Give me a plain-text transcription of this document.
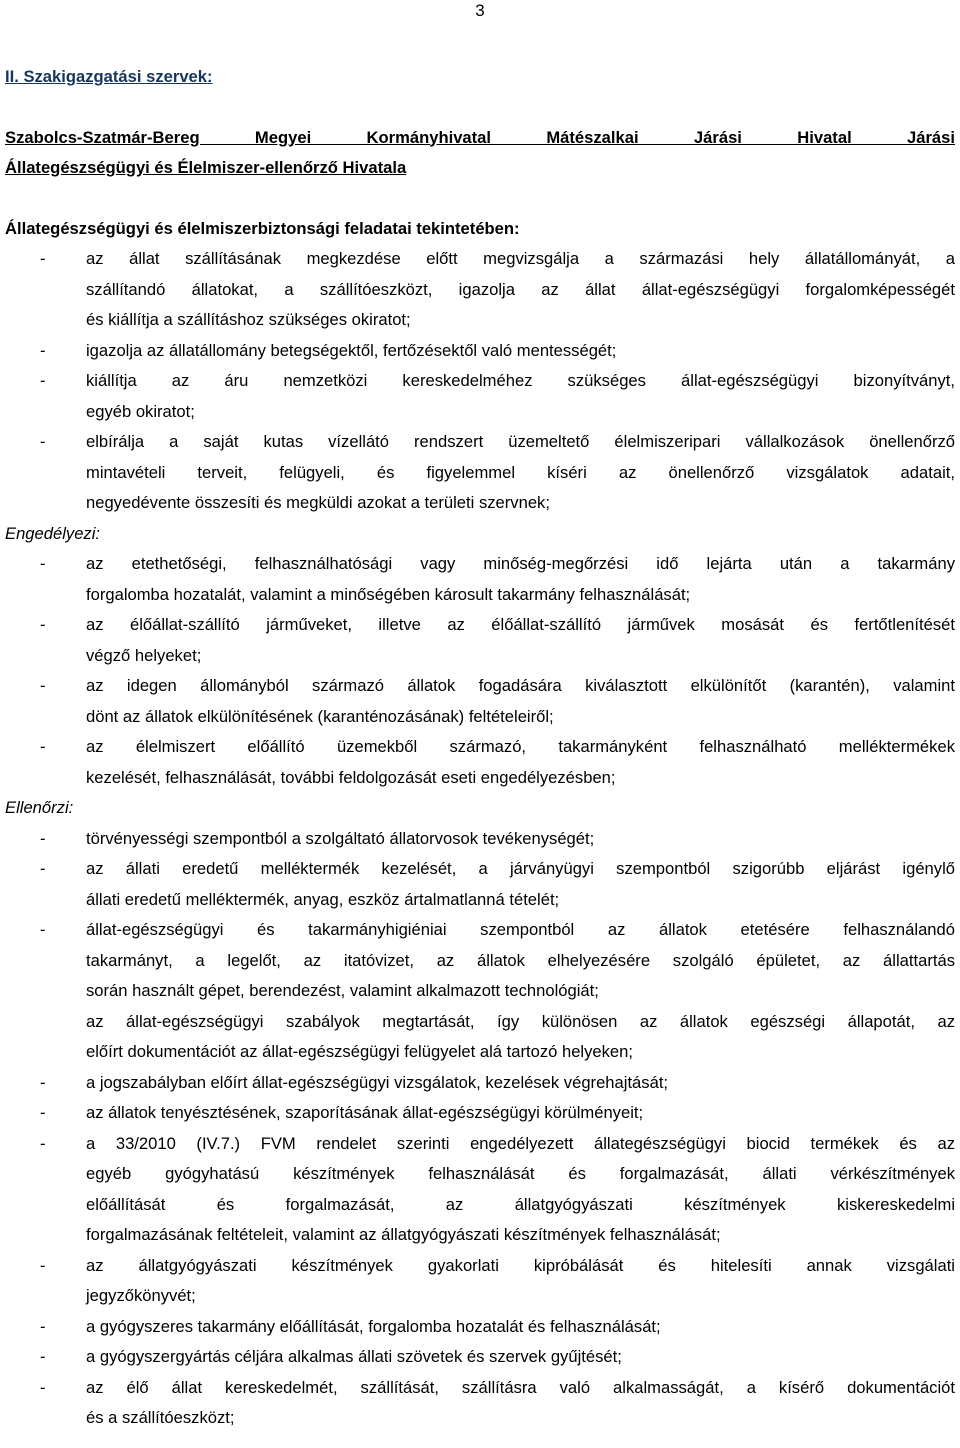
3
II. Szakigazgatási szervek:
Szabolcs-Szatmár-Bereg Megyei Kormányhivatal Mátészalkai Járási Hivatal Járási
Állategészségügyi és Élelmiszer-ellenőrző Hivatala
Állategészségügyi és élelmiszerbiztonsági feladatai tekintetében:
- az állat szállításának megkezdése előtt megvizsgálja a származási hely állatállományát, a
szállítandó állatokat, a szállítóeszközt, igazolja az állat állat-egészségügyi forgalomképességét
és kiállítja a szállításhoz szükséges okiratot;
- igazolja az állatállomány betegségektől, fertőzésektől való mentességét;
- kiállítja az áru nemzetközi kereskedelméhez szükséges állat-egészségügyi bizonyítványt,
egyéb okiratot;
- elbírálja a saját kutas vízellátó rendszert üzemeltető élelmiszeripari vállalkozások önellenőrző
mintavételi terveit, felügyeli, és figyelemmel kíséri az önellenőrző vizsgálatok adatait,
negyedévente összesíti és megküldi azokat a területi szervnek;
Engedélyezi:
- az etethetőségi, felhasználhatósági vagy minőség-megőrzési idő lejárta után a takarmány
forgalomba hozatalát, valamint a minőségében károsult takarmány felhasználását;
- az élőállat-szállító járműveket, illetve az élőállat-szállító járművek mosását és fertőtlenítését
végző helyeket;
- az idegen állományból származó állatok fogadására kiválasztott elkülönítőt (karantén), valamint
dönt az állatok elkülönítésének (karanténozásának) feltételeiről;
- az élelmiszert előállító üzemekből származó, takarmányként felhasználható melléktermékek
kezelését, felhasználását, további feldolgozását eseti engedélyezésben;
Ellenőrzi:
- törvényességi szempontból a szolgáltató állatorvosok tevékenységét;
- az állati eredetű melléktermék kezelését, a járványügyi szempontból szigorúbb eljárást igénylő
állati eredetű melléktermék, anyag, eszköz ártalmatlanná tételét;
- állat-egészségügyi és takarmányhigiéniai szempontból az állatok etetésére felhasználandó
takarmányt, a legelőt, az itatóvizet, az állatok elhelyezésére szolgáló épületet, az állattartás
során használt gépet, berendezést, valamint alkalmazott technológiát;
az állat-egészségügyi szabályok megtartását, így különösen az állatok egészségi állapotát, az
előírt dokumentációt az állat-egészségügyi felügyelet alá tartozó helyeken;
- a jogszabályban előírt állat-egészségügyi vizsgálatok, kezelések végrehajtását;
- az állatok tenyésztésének, szaporításának állat-egészségügyi körülményeit;
- a 33/2010 (IV.7.) FVM rendelet szerinti engedélyezett állategészségügyi biocid termékek és az
egyéb gyógyhatású készítmények felhasználását és forgalmazását, állati vérkészítmények
előállítását és forgalmazását, az állatgyógyászati készítmények kiskereskedelmi
forgalmazásának feltételeit, valamint az állatgyógyászati készítmények felhasználását;
- az állatgyógyászati készítmények gyakorlati kipróbálását és hitelesíti annak vizsgálati
jegyzőkönyvét;
- a gyógyszeres takarmány előállítását, forgalomba hozatalát és felhasználását;
- a gyógyszergyártás céljára alkalmas állati szövetek és szervek gyűjtését;
- az élő állat kereskedelmét, szállítását, szállításra való alkalmasságát, a kísérő dokumentációt
és a szállítóeszközt;
